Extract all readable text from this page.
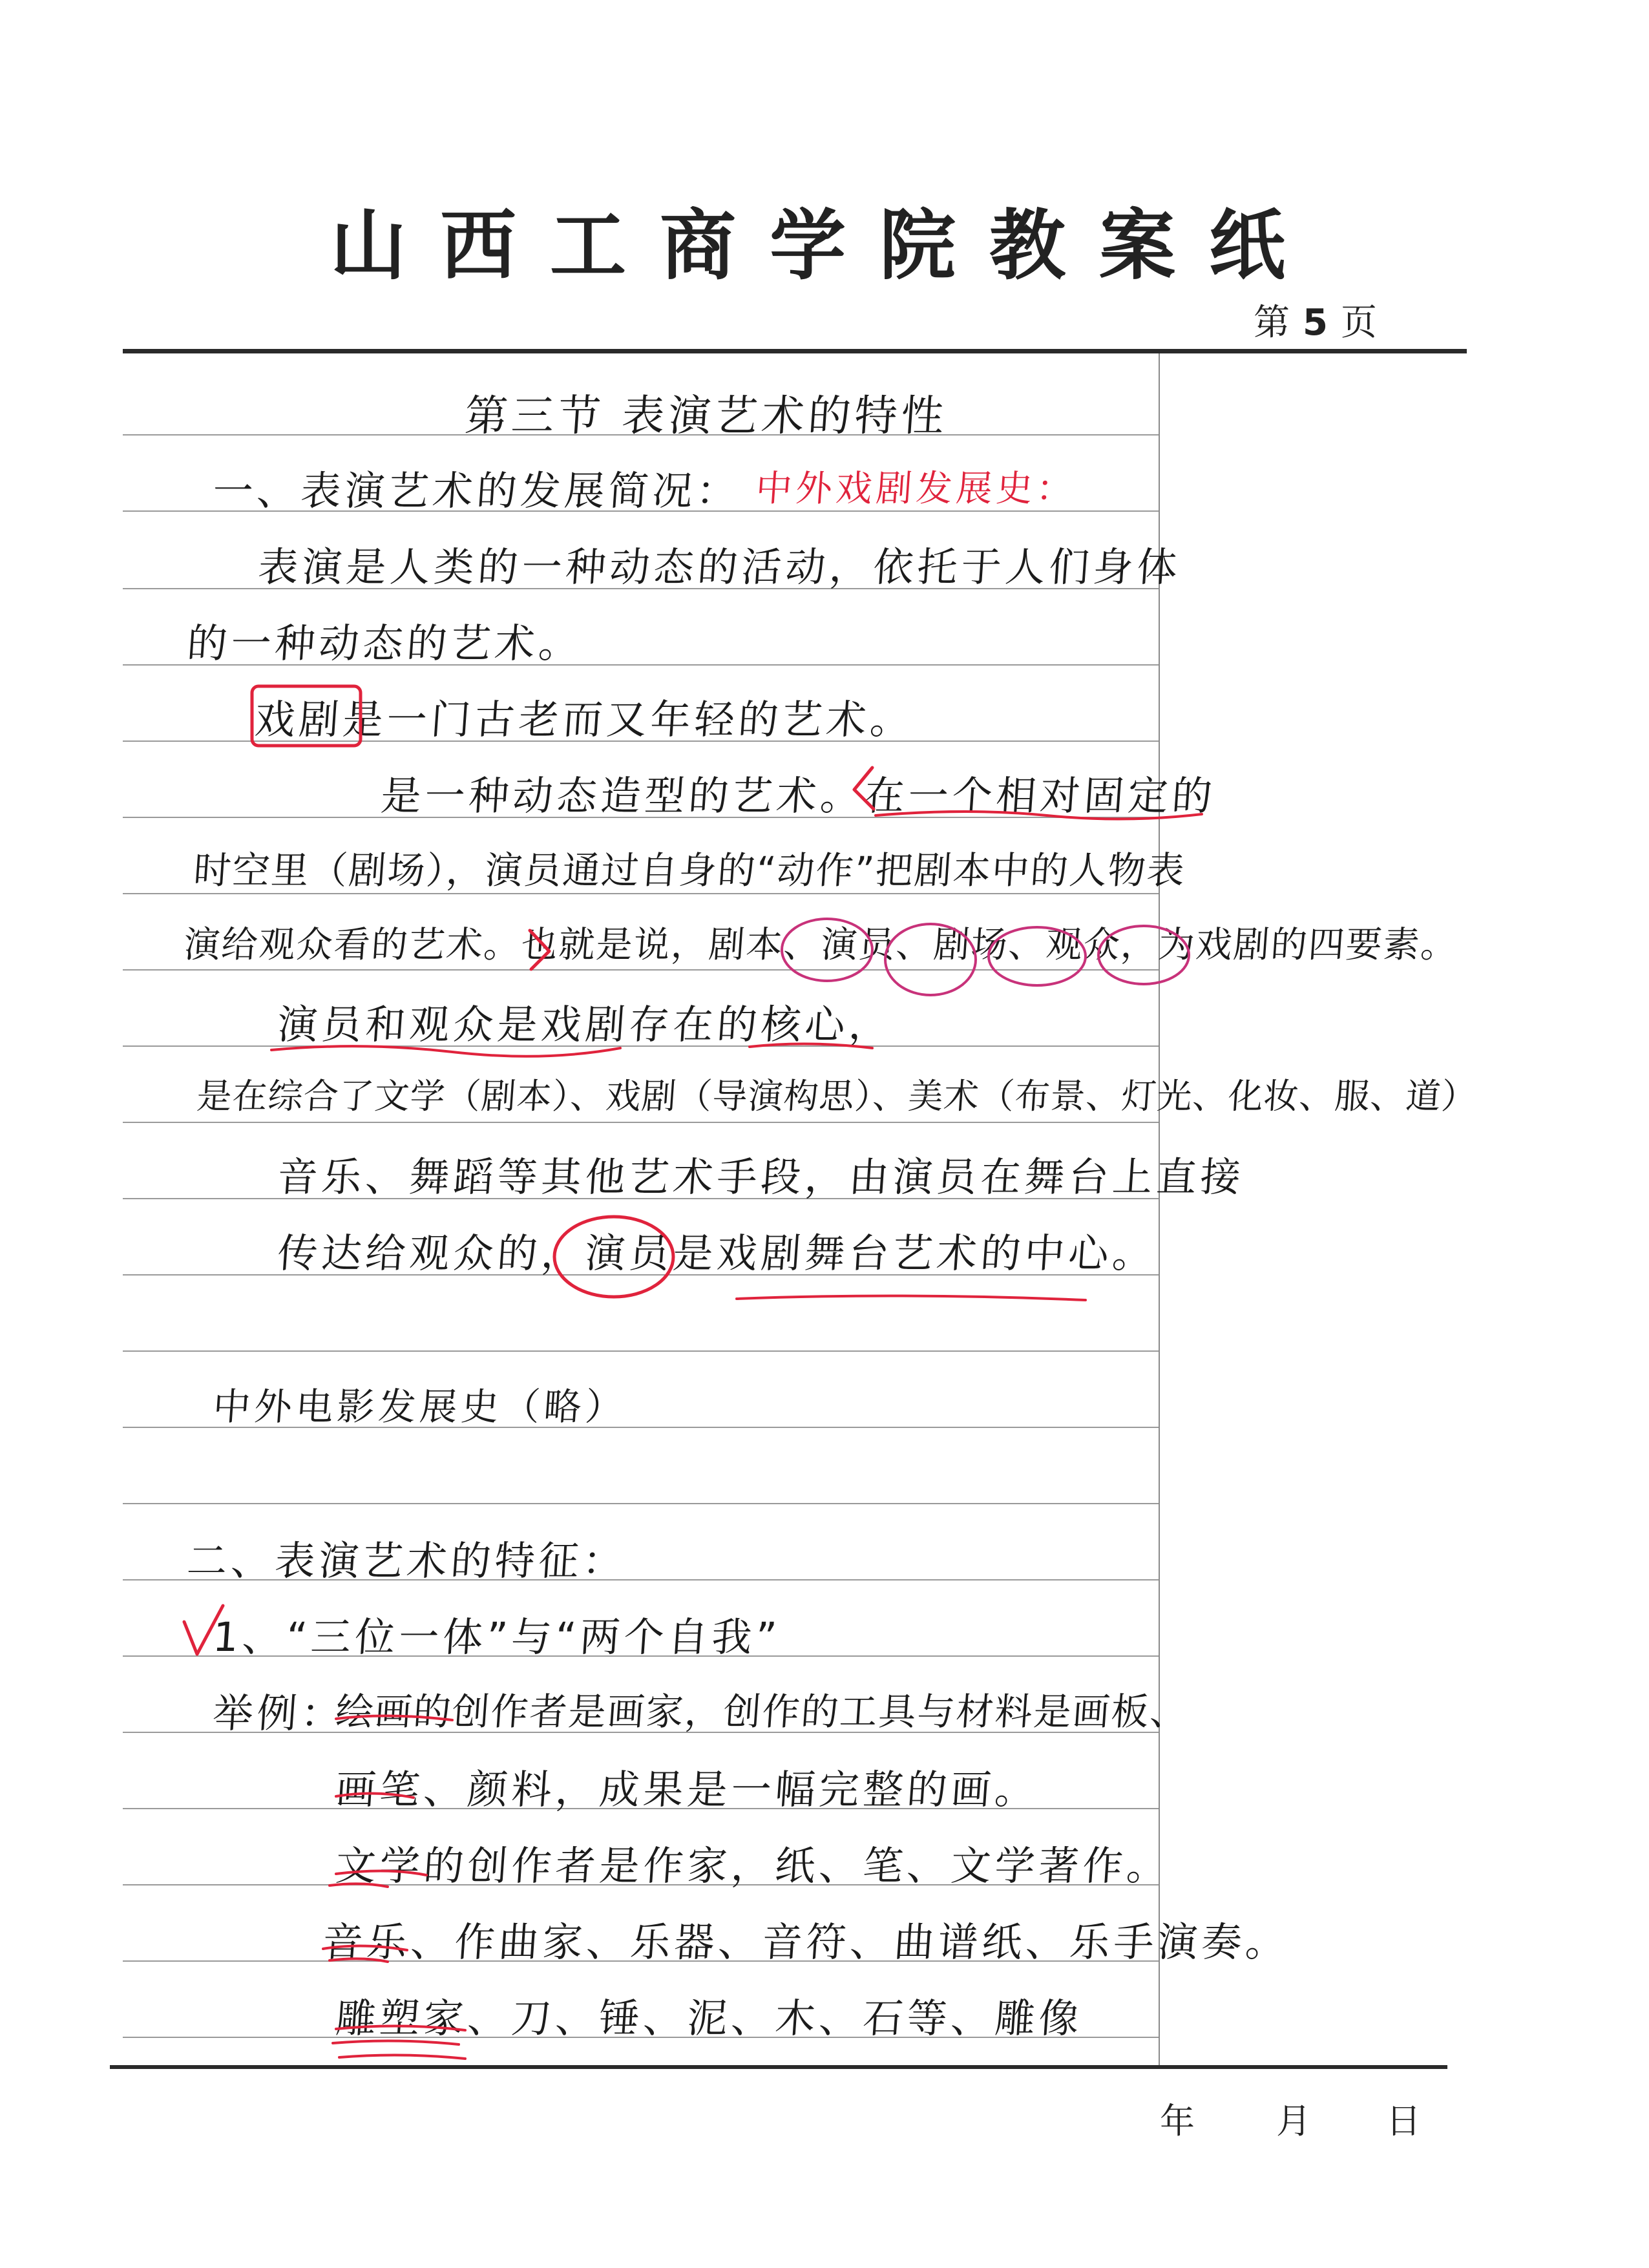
山西工商学院教案纸
第 5 页
第三节 表演艺术的特性
一、表演艺术的发展简况： 中外戏剧发展史：
表演是人类的一种动态的活动，依托于人们身体
的一种动态的艺术。
戏剧是一门古老而又年轻的艺术。
是一种动态造型的艺术。在一个相对固定的
时空里（剧场），演员通过自身的“动作”把剧本中的人物表
演给观众看的艺术。也就是说，剧本、演员、剧场、观众，为戏剧的四要素。
演员和观众是戏剧存在的核心，
是在综合了文学（剧本）、戏剧（导演构思）、美术（布景、灯光、化妆、服、道）
音乐、舞蹈等其他艺术手段，由演员在舞台上直接
传达给观众的，演员是戏剧舞台艺术的中心。
中外电影发展史（略）
二、表演艺术的特征：
1、“三位一体”与“两个自我”
举例：
绘画的创作者是画家，创作的工具与材料是画板、
画笔、颜料，成果是一幅完整的画。
文学的创作者是作家，纸、笔、文学著作。
音乐、作曲家、乐器、音符、曲谱纸、乐手演奏。
雕塑家、刀、锤、泥、木、石等、雕像
年 月 日
